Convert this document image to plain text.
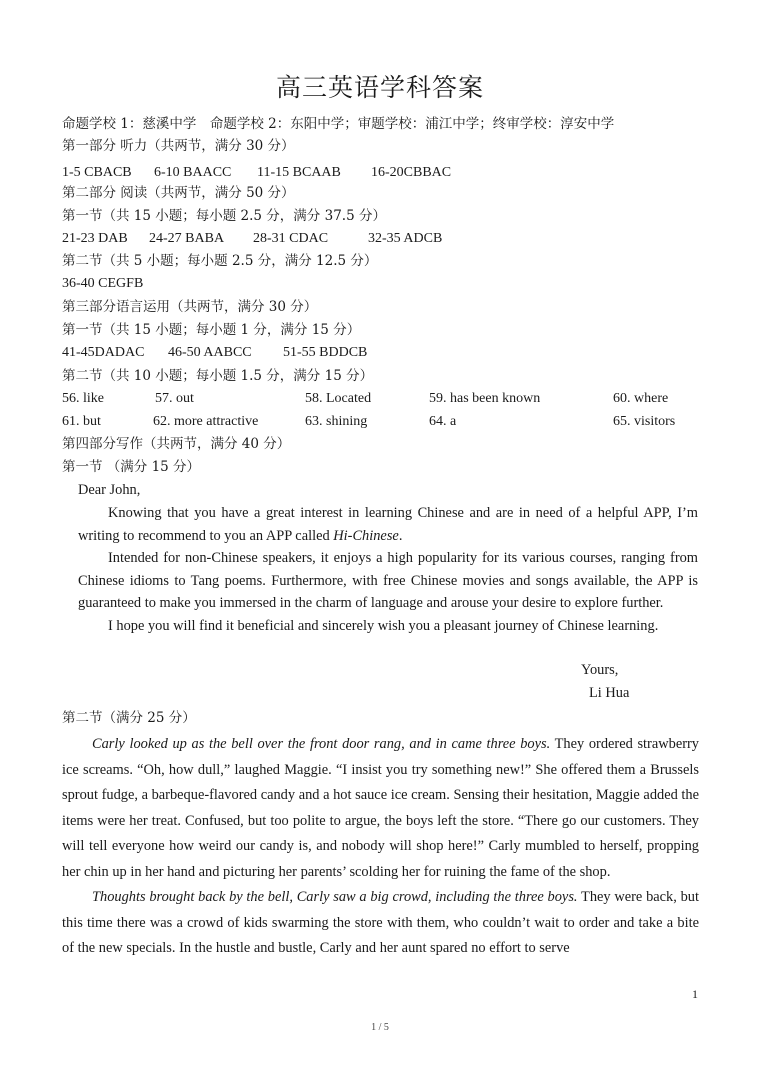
高三英语学科答案
命题学校 1：慈溪中学　命题学校 2：东阳中学；审题学校：浦江中学；终审学校：淳安中学
第一部分 听力（共两节，满分 30 分）
1-5 CBACB 6-10 BAACC 11-15 BCAAB 16-20CBBAC
第二部分 阅读（共两节，满分 50 分）
第一节（共 15 小题；每小题 2.5 分，满分 37.5 分）
21-23 DAB 24-27 BABA 28-31 CDAC	32-35 ADCB
第二节（共 5 小题；每小题 2.5 分，满分 12.5 分）
36-40 CEGFB
第三部分语言运用（共两节，满分 30 分）
第一节（共 15 小题；每小题 1 分，满分 15 分）
41-45DADAC 46-50 AABCC 51-55 BDDCB
第二节（共 10 小题；每小题 1.5 分，满分 15 分）
56. like	57. out	58. Located	59. has been known	60. where
61. but	62. more attractive	63. shining	64. a	65. visitors
第四部分写作（共两节，满分 40 分）
第一节 （满分 15 分）
Dear John,

Knowing that you have a great interest in learning Chinese and are in need of a helpful APP, I’m writing to recommend to you an APP called Hi-Chinese.

Intended for non-Chinese speakers, it enjoys a high popularity for its various courses, ranging from Chinese idioms to Tang poems. Furthermore, with free Chinese movies and songs available, the APP is guaranteed to make you immersed in the charm of language and arouse your desire to explore further.

I hope you will find it beneficial and sincerely wish you a pleasant journey of Chinese learning.

Yours,
Li Hua
第二节（满分 25 分）

Carly looked up as the bell over the front door rang, and in came three boys. They ordered strawberry ice screams. “Oh, how dull,” laughed Maggie. “I insist you try something new!” She offered them a Brussels sprout fudge, a barbeque-flavored candy and a hot sauce ice cream. Sensing their hesitation, Maggie added the items were her treat. Confused, but too polite to argue, the boys left the store. “There go our customers. They will tell everyone how weird our candy is, and nobody will shop here!” Carly mumbled to herself, propping her chin up in her hand and picturing her parents’ scolding her for ruining the fame of the shop.

Thoughts brought back by the bell, Carly saw a big crowd, including the three boys. They were back, but this time there was a crowd of kids swarming the store with them, who couldn’t wait to order and take a bite of the new specials. In the hustle and bustle, Carly and her aunt spared no effort to serve

1
1 / 5
